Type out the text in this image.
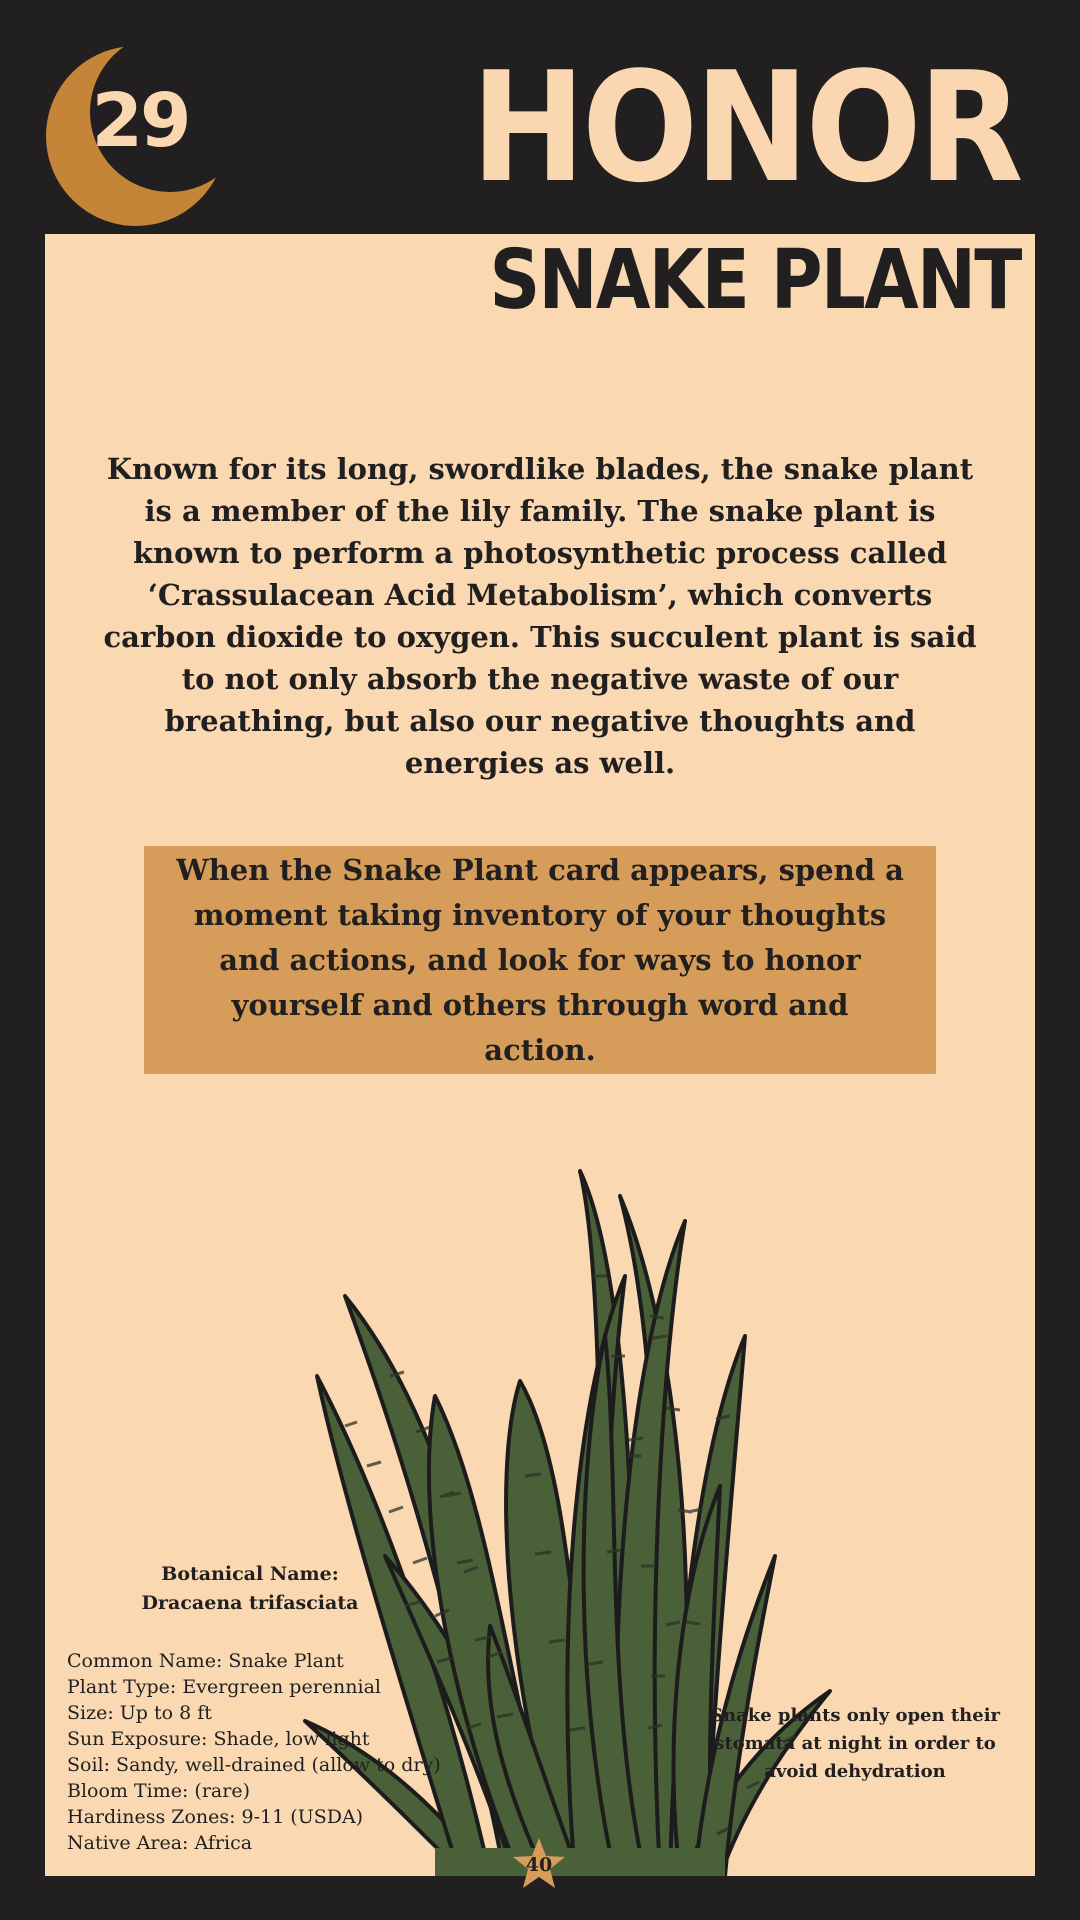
29 HONOR
SNAKE PLANT
Known for its long, swordlike blades, the snake plant is a member of the lily family. The snake plant is known to perform a photosynthetic process called ‘Crassulacean Acid Metabolism’, which converts carbon dioxide to oxygen. This succulent plant is said to not only absorb the negative waste of our breathing, but also our negative thoughts and energies as well.
When the Snake Plant card appears, spend a moment taking inventory of your thoughts and actions, and look for ways to honor yourself and others through word and action.
Botanical Name:
Dracaena trifasciata
Common Name: Snake Plant
Plant Type: Evergreen perennial
Size: Up to 8 ft
Sun Exposure: Shade, low light
Soil: Sandy, well-drained (allow to dry)
Bloom Time: (rare)
Hardiness Zones: 9-11 (USDA)
Native Area: Africa
Snake plants only open their stomata at night in order to avoid dehydration
40
